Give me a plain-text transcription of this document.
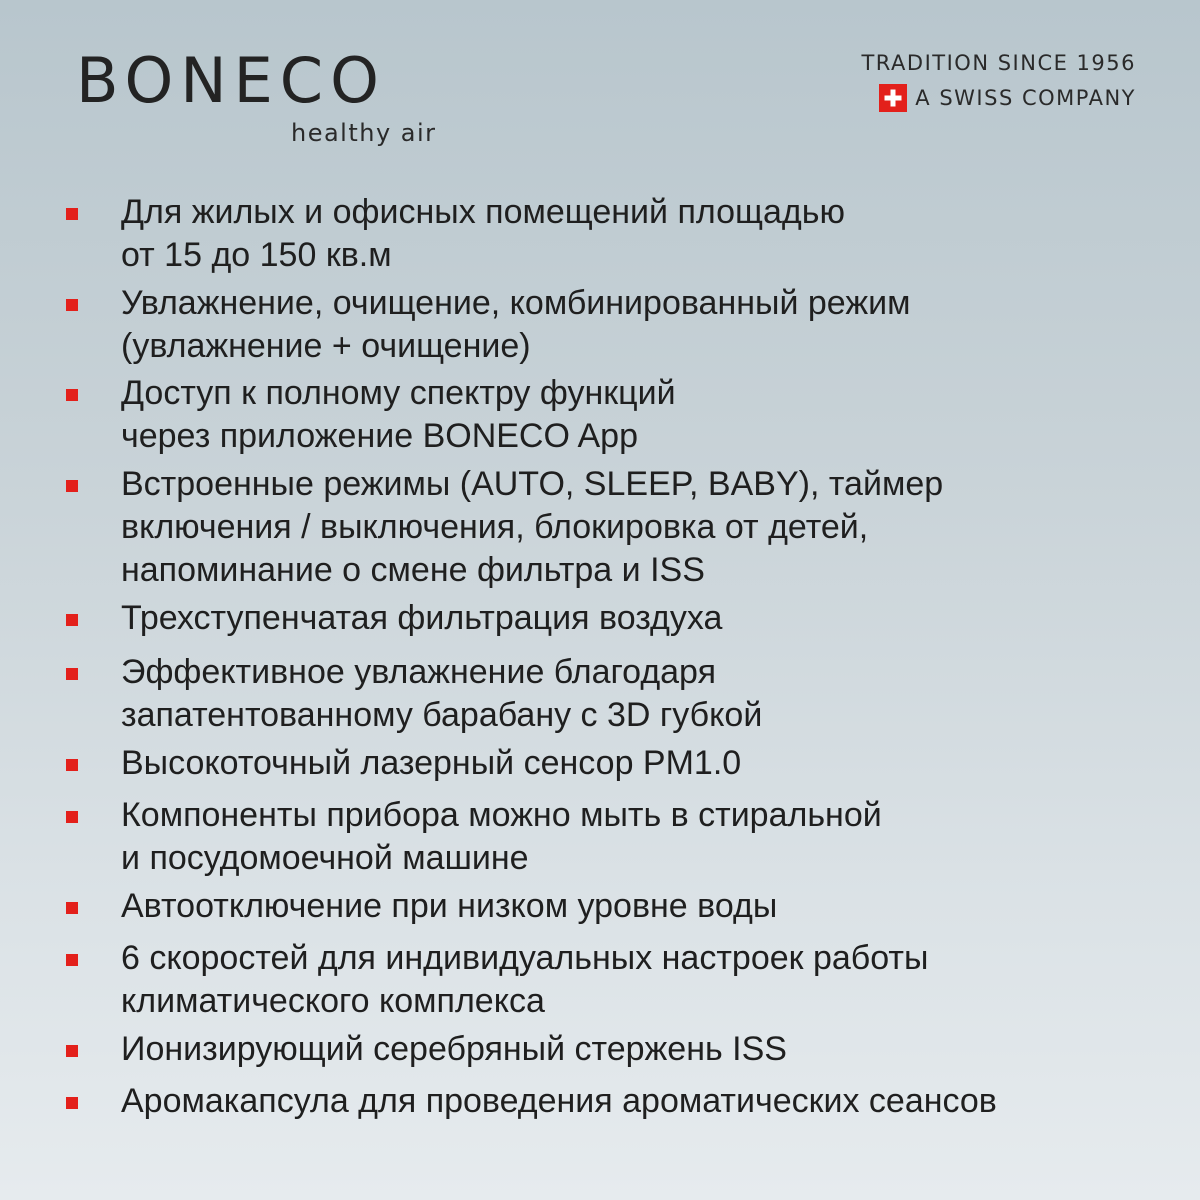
BONECO
healthy air
TRADITION SINCE 1956
A SWISS COMPANY
Для жилых и офисных помещений площадью
от 15 до 150 кв.м
Увлажнение, очищение, комбинированный режим
(увлажнение + очищение)
Доступ к полному спектру функций
через приложение BONECO App
Встроенные режимы (AUTO, SLEEP, BABY), таймер
включения / выключения, блокировка от детей,
напоминание о смене фильтра и ISS
Трехступенчатая фильтрация воздуха
Эффективное увлажнение благодаря
запатентованному барабану с 3D губкой
Высокоточный лазерный сенсор PM1.0
Компоненты прибора можно мыть в стиральной
и посудомоечной машине
Автоотключение при низком уровне воды
6 скоростей для индивидуальных настроек работы
климатического комплекса
Ионизирующий серебряный стержень ISS
Аромакапсула для проведения ароматических сеансов
